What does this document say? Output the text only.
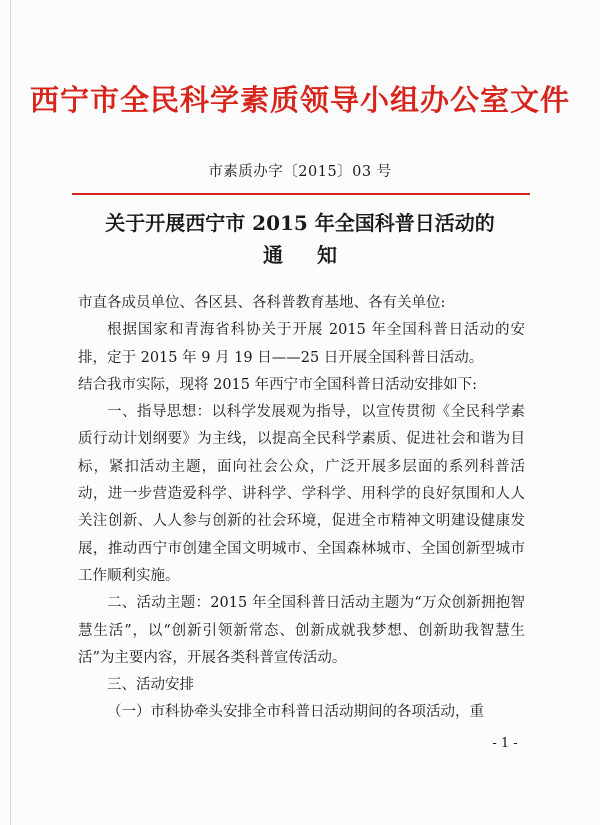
西宁市全民科学素质领导小组办公室文件
市素质办字〔2015〕03 号
关于开展西宁市 2015 年全国科普日活动的
通知

市直各成员单位、各区县、各科普教育基地、各有关单位:

根据国家和青海省科协关于开展 2015 年全国科普日活动的安排，定于 2015 年 9 月 19 日——25 日开展全国科普日活动。

结合我市实际，现将 2015 年西宁市全国科普日活动安排如下:

一、指导思想：以科学发展观为指导，以宣传贯彻《全民科学素质行动计划纲要》为主线，以提高全民科学素质、促进社会和谐为目标，紧扣活动主题，面向社会公众，广泛开展多层面的系列科普活动，进一步营造爱科学、讲科学、学科学、用科学的良好氛围和人人关注创新、人人参与创新的社会环境，促进全市精神文明建设健康发展，推动西宁市创建全国文明城市、全国森林城市、全国创新型城市工作顺利实施。

二、活动主题：2015 年全国科普日活动主题为“万众创新拥抱智慧生活”，以“创新引领新常态、创新成就我梦想、创新助我智慧生活”为主要内容，开展各类科普宣传活动。

三、活动安排

（一）市科协牵头安排全市科普日活动期间的各项活动，重

- 1 -
